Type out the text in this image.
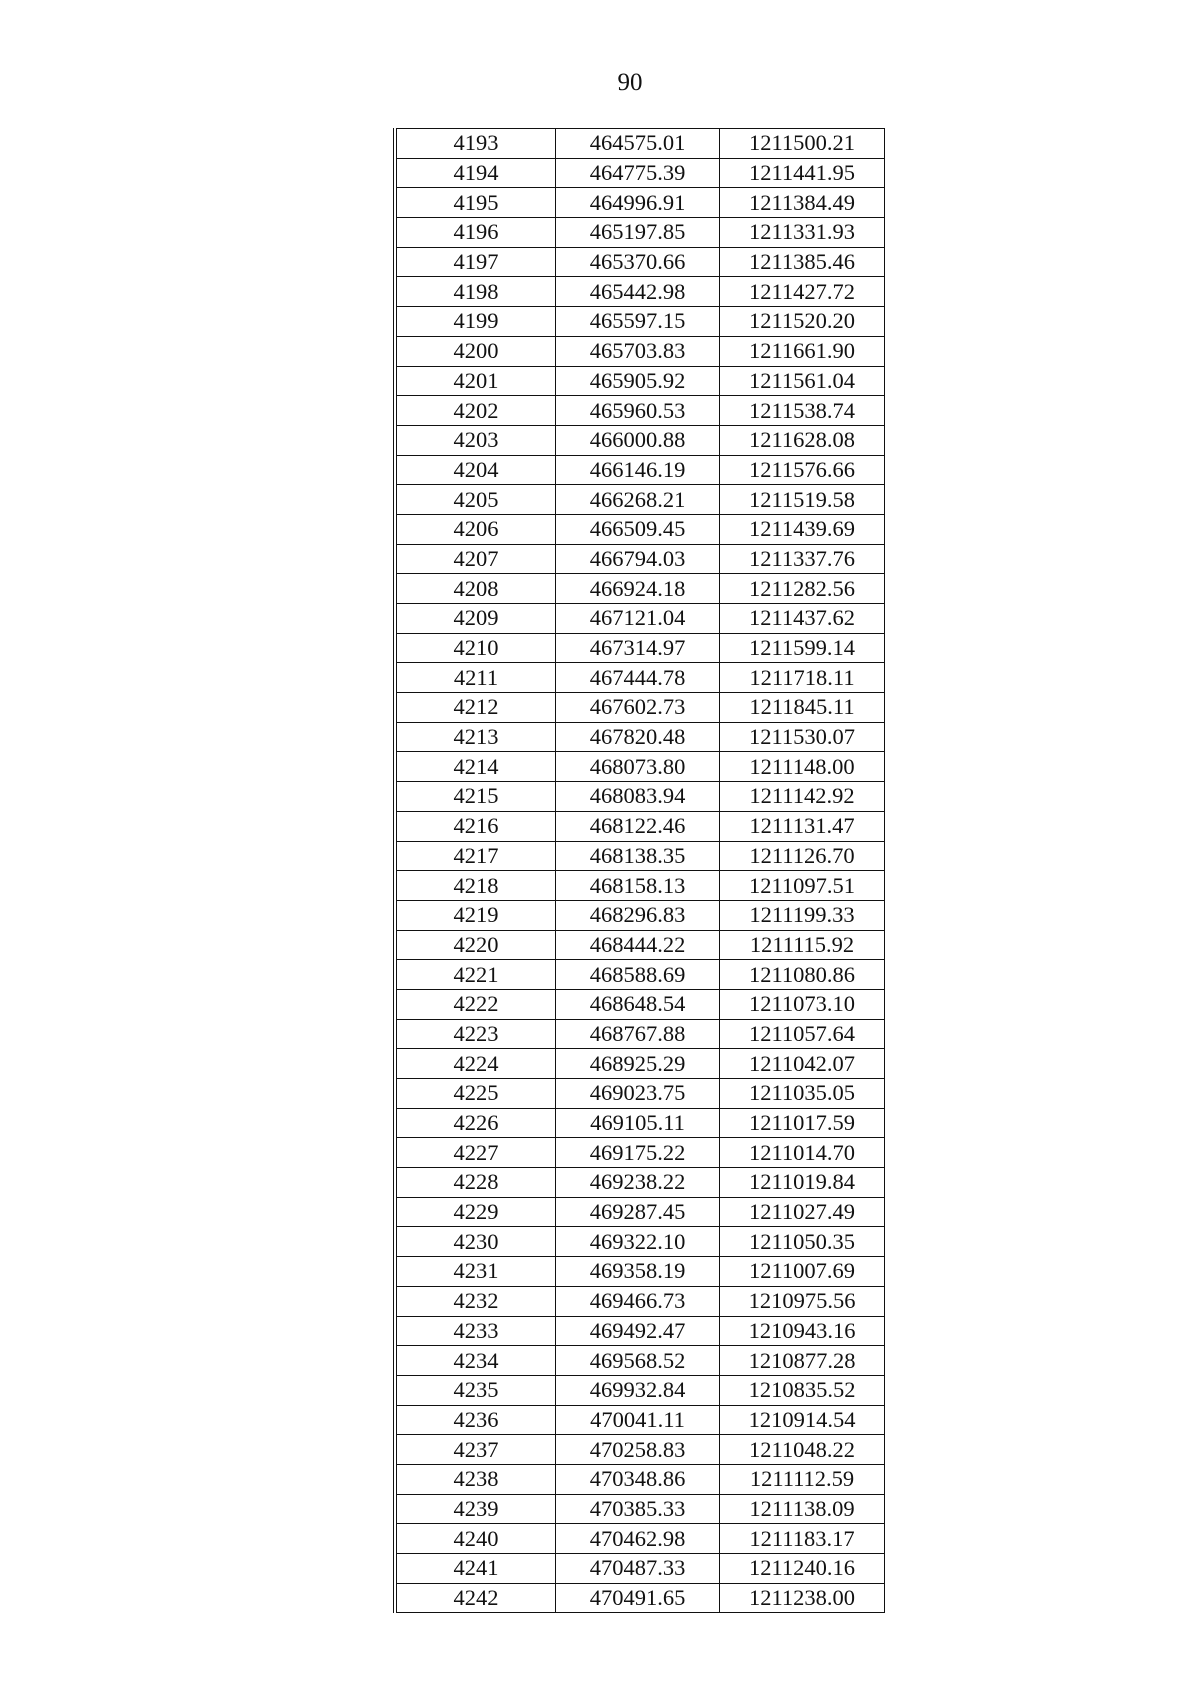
90
4193	464575.01	1211500.21
4194	464775.39	1211441.95
4195	464996.91	1211384.49
4196	465197.85	1211331.93
4197	465370.66	1211385.46
4198	465442.98	1211427.72
4199	465597.15	1211520.20
4200	465703.83	1211661.90
4201	465905.92	1211561.04
4202	465960.53	1211538.74
4203	466000.88	1211628.08
4204	466146.19	1211576.66
4205	466268.21	1211519.58
4206	466509.45	1211439.69
4207	466794.03	1211337.76
4208	466924.18	1211282.56
4209	467121.04	1211437.62
4210	467314.97	1211599.14
4211	467444.78	1211718.11
4212	467602.73	1211845.11
4213	467820.48	1211530.07
4214	468073.80	1211148.00
4215	468083.94	1211142.92
4216	468122.46	1211131.47
4217	468138.35	1211126.70
4218	468158.13	1211097.51
4219	468296.83	1211199.33
4220	468444.22	1211115.92
4221	468588.69	1211080.86
4222	468648.54	1211073.10
4223	468767.88	1211057.64
4224	468925.29	1211042.07
4225	469023.75	1211035.05
4226	469105.11	1211017.59
4227	469175.22	1211014.70
4228	469238.22	1211019.84
4229	469287.45	1211027.49
4230	469322.10	1211050.35
4231	469358.19	1211007.69
4232	469466.73	1210975.56
4233	469492.47	1210943.16
4234	469568.52	1210877.28
4235	469932.84	1210835.52
4236	470041.11	1210914.54
4237	470258.83	1211048.22
4238	470348.86	1211112.59
4239	470385.33	1211138.09
4240	470462.98	1211183.17
4241	470487.33	1211240.16
4242	470491.65	1211238.00
